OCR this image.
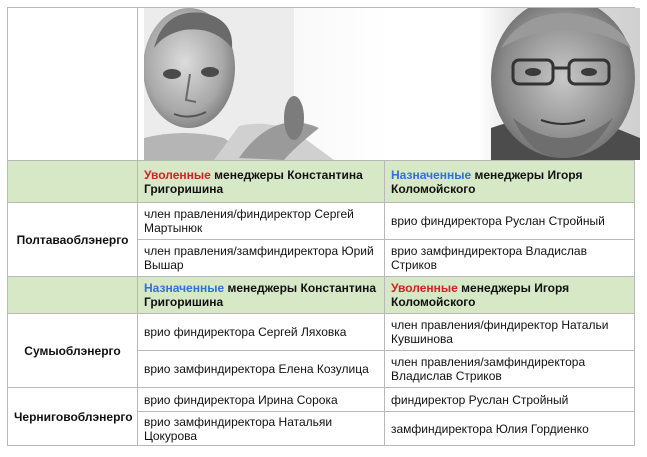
	Уволенные менеджеры Константина Григоришина	Назначенные менеджеры Игоря Коломойского
Полтаваоблэнерго	член правления/финдиректор Сергей Мартынюк	врио финдиректора Руслан Стройный
	член правления/замфиндиректора Юрий Вышар	врио замфиндиректора Владислав Стриков
	Назначенные менеджеры Константина Григоришина	Уволенные менеджеры Игоря Коломойского
Сумыоблэнерго	врио финдиректора Сергей Ляховка	член правления/финдиректор Натальи Кувшинова
	врио замфиндиректора Елена Козулица	член правления/замфиндиректора Владислав Стриков
Черниговоблэнерго	врио финдиректора Ирина Сорока	финдиректор Руслан Стройный
	врио замфиндиректора Натальяи Цокурова	замфиндиректора Юлия Гордиенко
